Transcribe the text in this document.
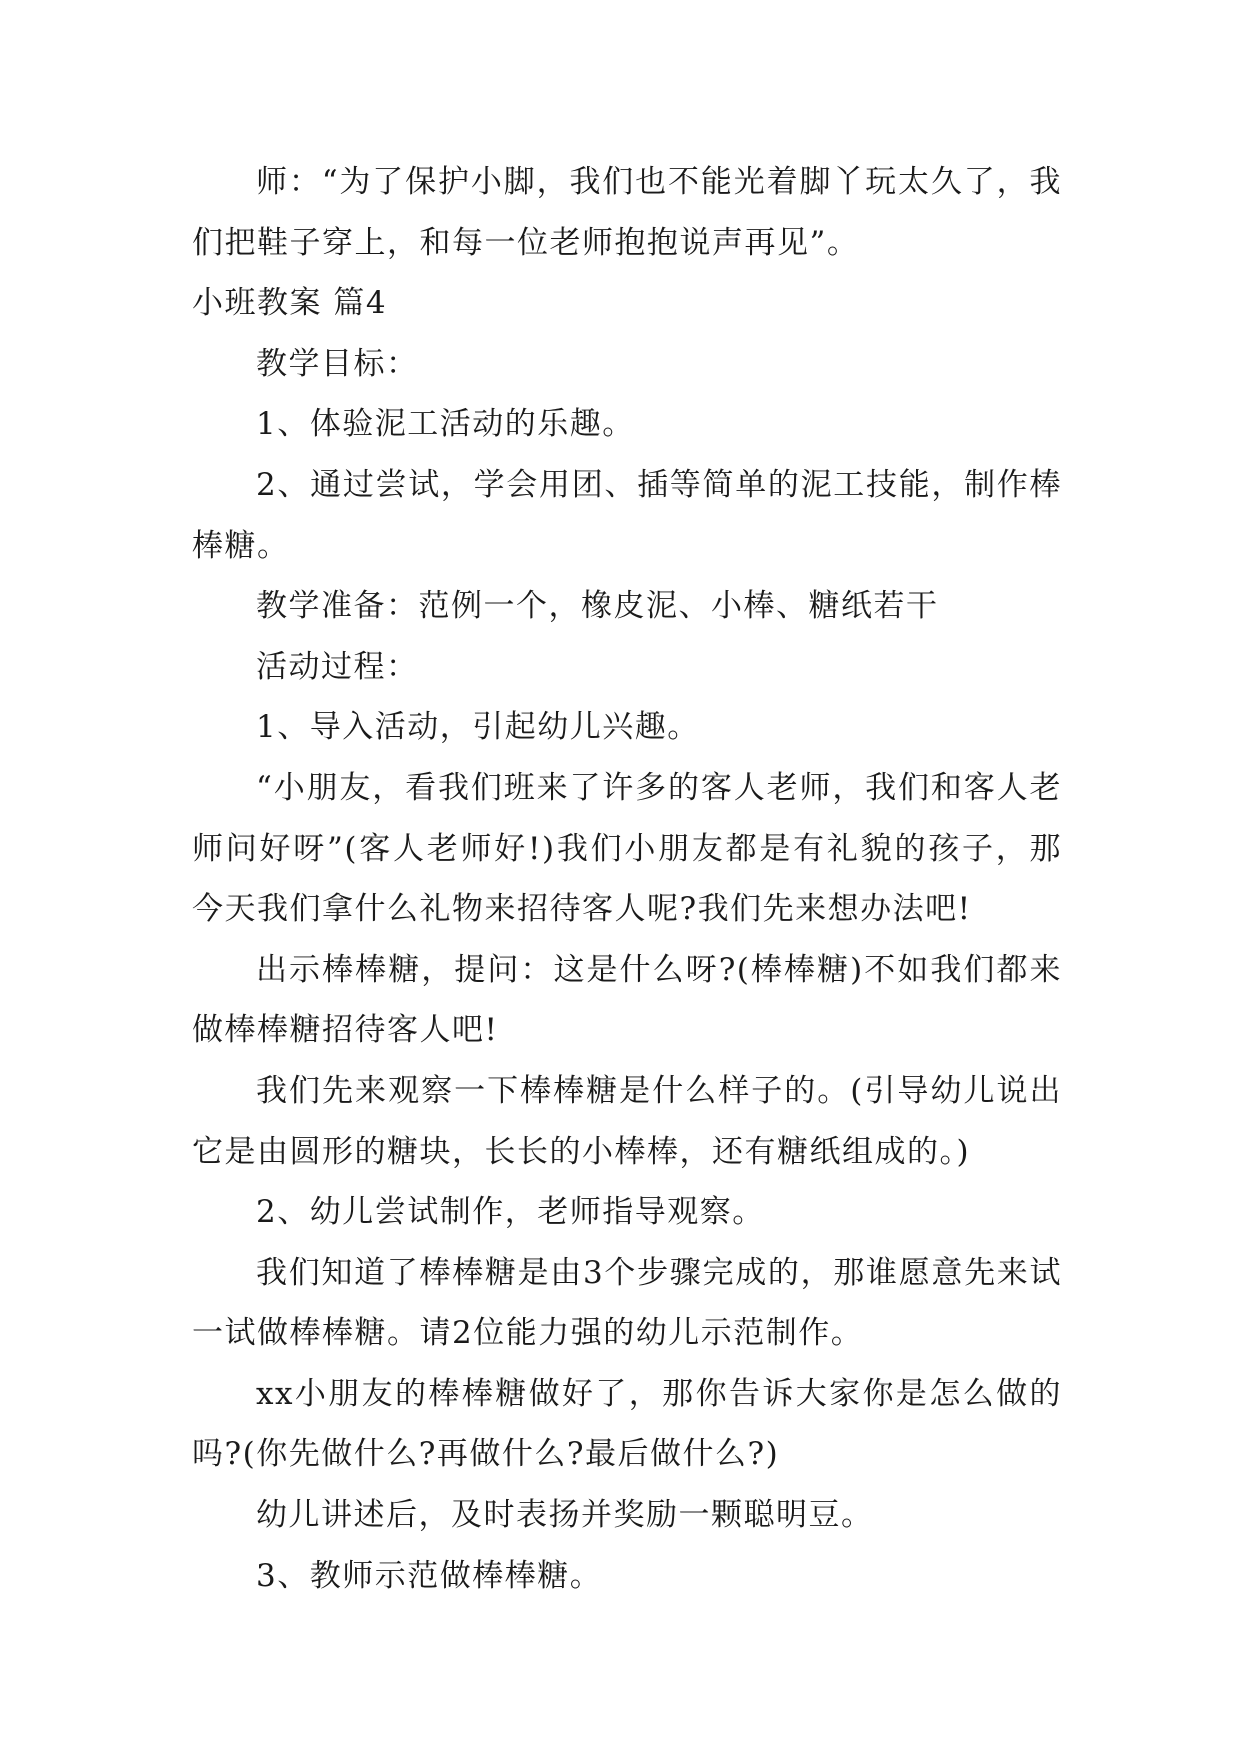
师：“为了保护小脚，我们也不能光着脚丫玩太久了，我们把鞋子穿上，和每一位老师抱抱说声再见”。

小班教案 篇4

教学目标：

1、体验泥工活动的乐趣。

2、通过尝试，学会用团、插等简单的泥工技能，制作棒棒糖。

教学准备：范例一个，橡皮泥、小棒、糖纸若干

活动过程：

1、导入活动，引起幼儿兴趣。

“小朋友，看我们班来了许多的客人老师，我们和客人老师问好呀”(客人老师好!)我们小朋友都是有礼貌的孩子，那今天我们拿什么礼物来招待客人呢?我们先来想办法吧!

出示棒棒糖，提问：这是什么呀?(棒棒糖)不如我们都来做棒棒糖招待客人吧!

我们先来观察一下棒棒糖是什么样子的。(引导幼儿说出它是由圆形的糖块，长长的小棒棒，还有糖纸组成的。)

2、幼儿尝试制作，老师指导观察。

我们知道了棒棒糖是由3个步骤完成的，那谁愿意先来试一试做棒棒糖。请2位能力强的幼儿示范制作。

xx小朋友的棒棒糖做好了，那你告诉大家你是怎么做的吗?(你先做什么?再做什么?最后做什么?)

幼儿讲述后，及时表扬并奖励一颗聪明豆。

3、教师示范做棒棒糖。
